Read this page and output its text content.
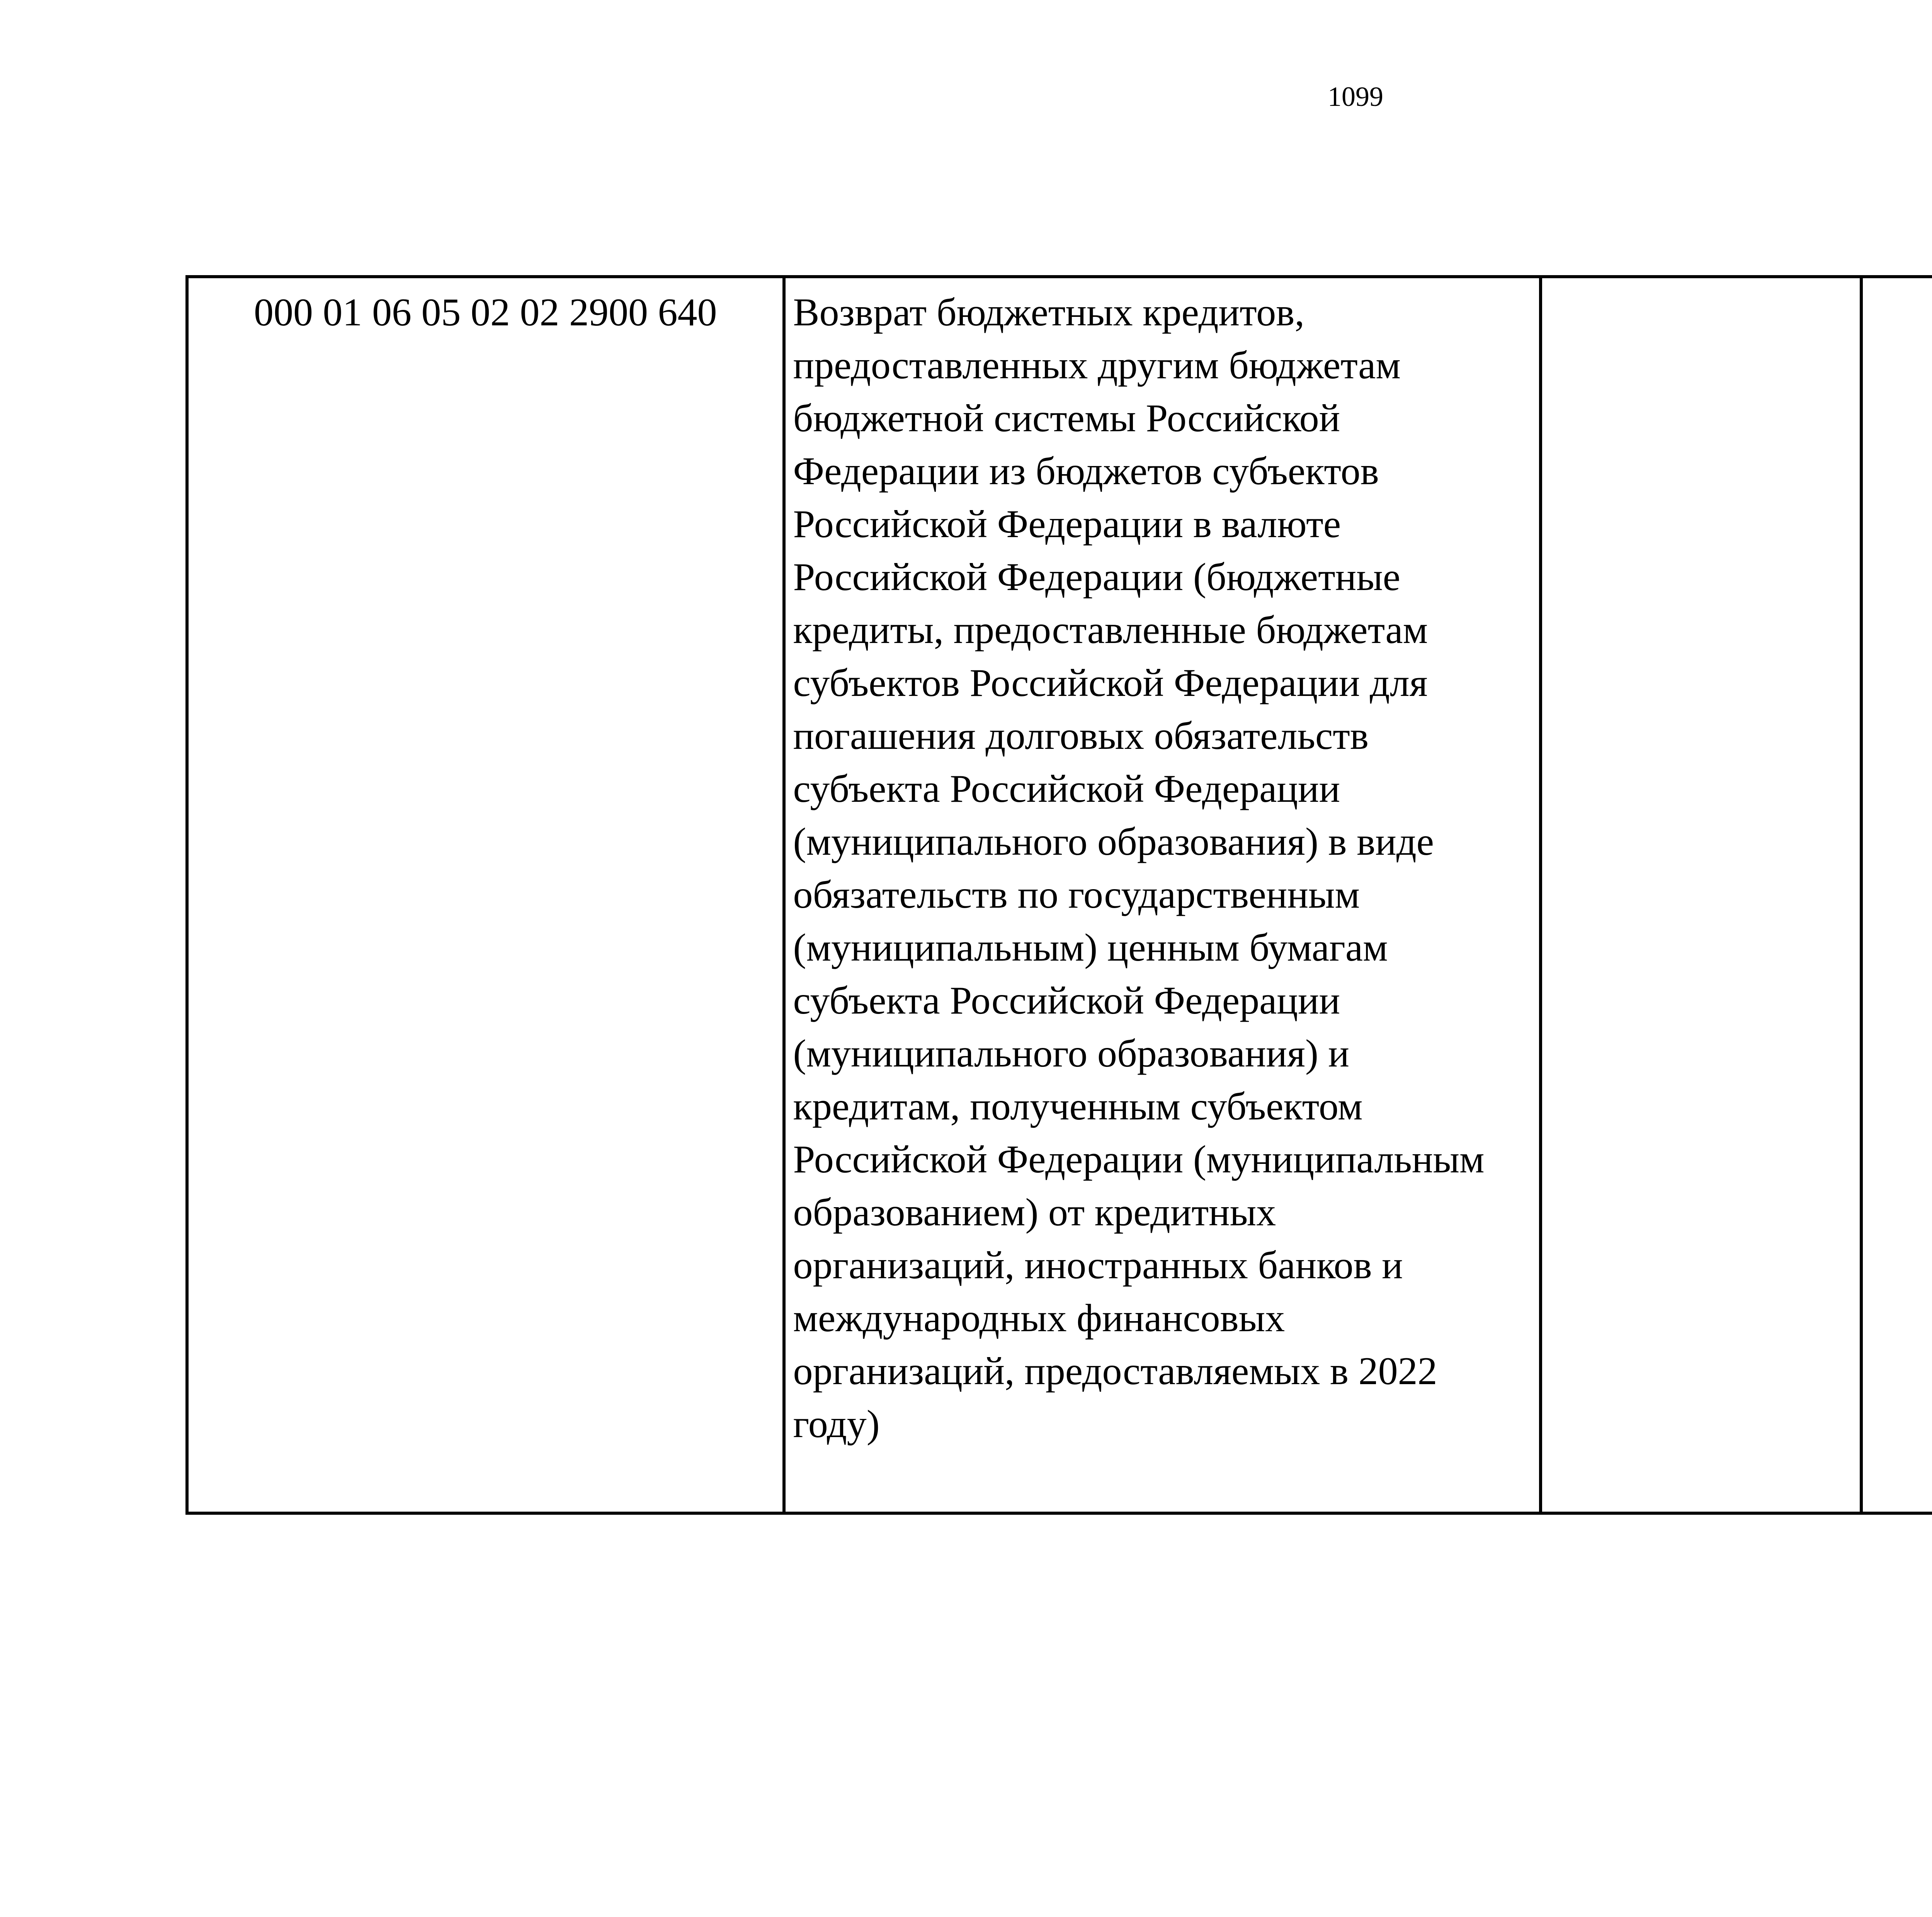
1099
000 01 06 05 02 02 2900 640	Возврат бюджетных кредитов,
предоставленных другим бюджетам
бюджетной системы Российской
Федерации из бюджетов субъектов
Российской Федерации в валюте
Российской Федерации (бюджетные
кредиты, предоставленные бюджетам
субъектов Российской Федерации для
погашения долговых обязательств
субъекта Российской Федерации
(муниципального образования) в виде
обязательств по государственным
(муниципальным) ценным бумагам
субъекта Российской Федерации
(муниципального образования) и
кредитам, полученным субъектом
Российской Федерации (муниципальным
образованием) от кредитных
организаций, иностранных банков и
международных финансовых
организаций, предоставляемых в 2022
году)
